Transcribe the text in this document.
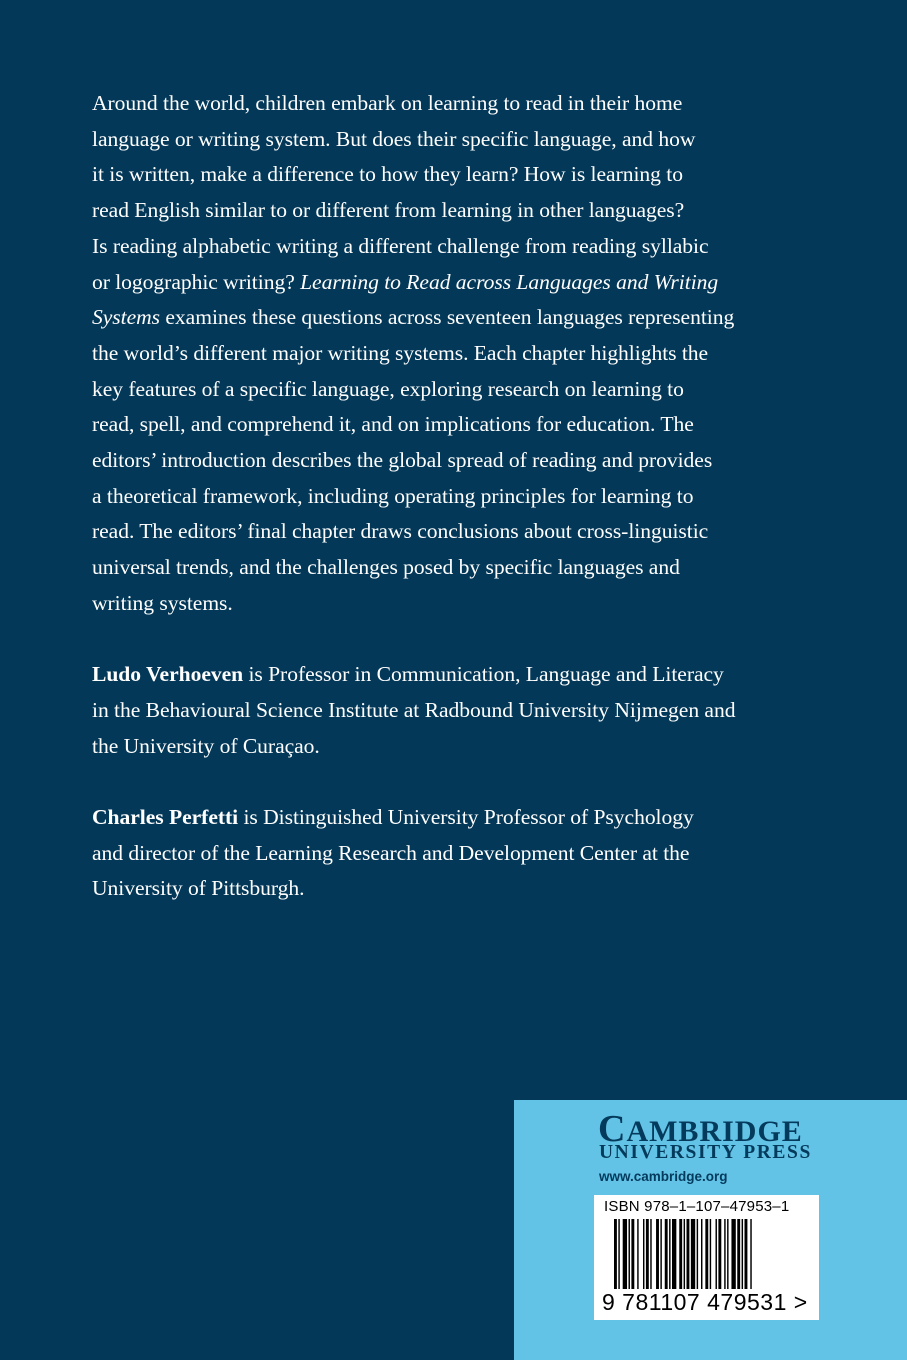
Around the world, children embark on learning to read in their home
language or writing system. But does their specific language, and how
it is written, make a difference to how they learn? How is learning to
read English similar to or different from learning in other languages?
Is reading alphabetic writing a different challenge from reading syllabic
or logographic writing? Learning to Read across Languages and Writing
Systems examines these questions across seventeen languages representing
the world’s different major writing systems. Each chapter highlights the
key features of a specific language, exploring research on learning to
read, spell, and comprehend it, and on implications for education. The
editors’ introduction describes the global spread of reading and provides
a theoretical framework, including operating principles for learning to
read. The editors’ final chapter draws conclusions about cross-linguistic
universal trends, and the challenges posed by specific languages and
writing systems.

Ludo Verhoeven is Professor in Communication, Language and Literacy
in the Behavioural Science Institute at Radbound University Nijmegen and
the University of Curaçao.

Charles Perfetti is Distinguished University Professor of Psychology
and director of the Learning Research and Development Center at the
University of Pittsburgh.

CAMBRIDGE
UNIVERSITY PRESS
www.cambridge.org
ISBN 978–1–107–47953–1
9 781107 479531 >
